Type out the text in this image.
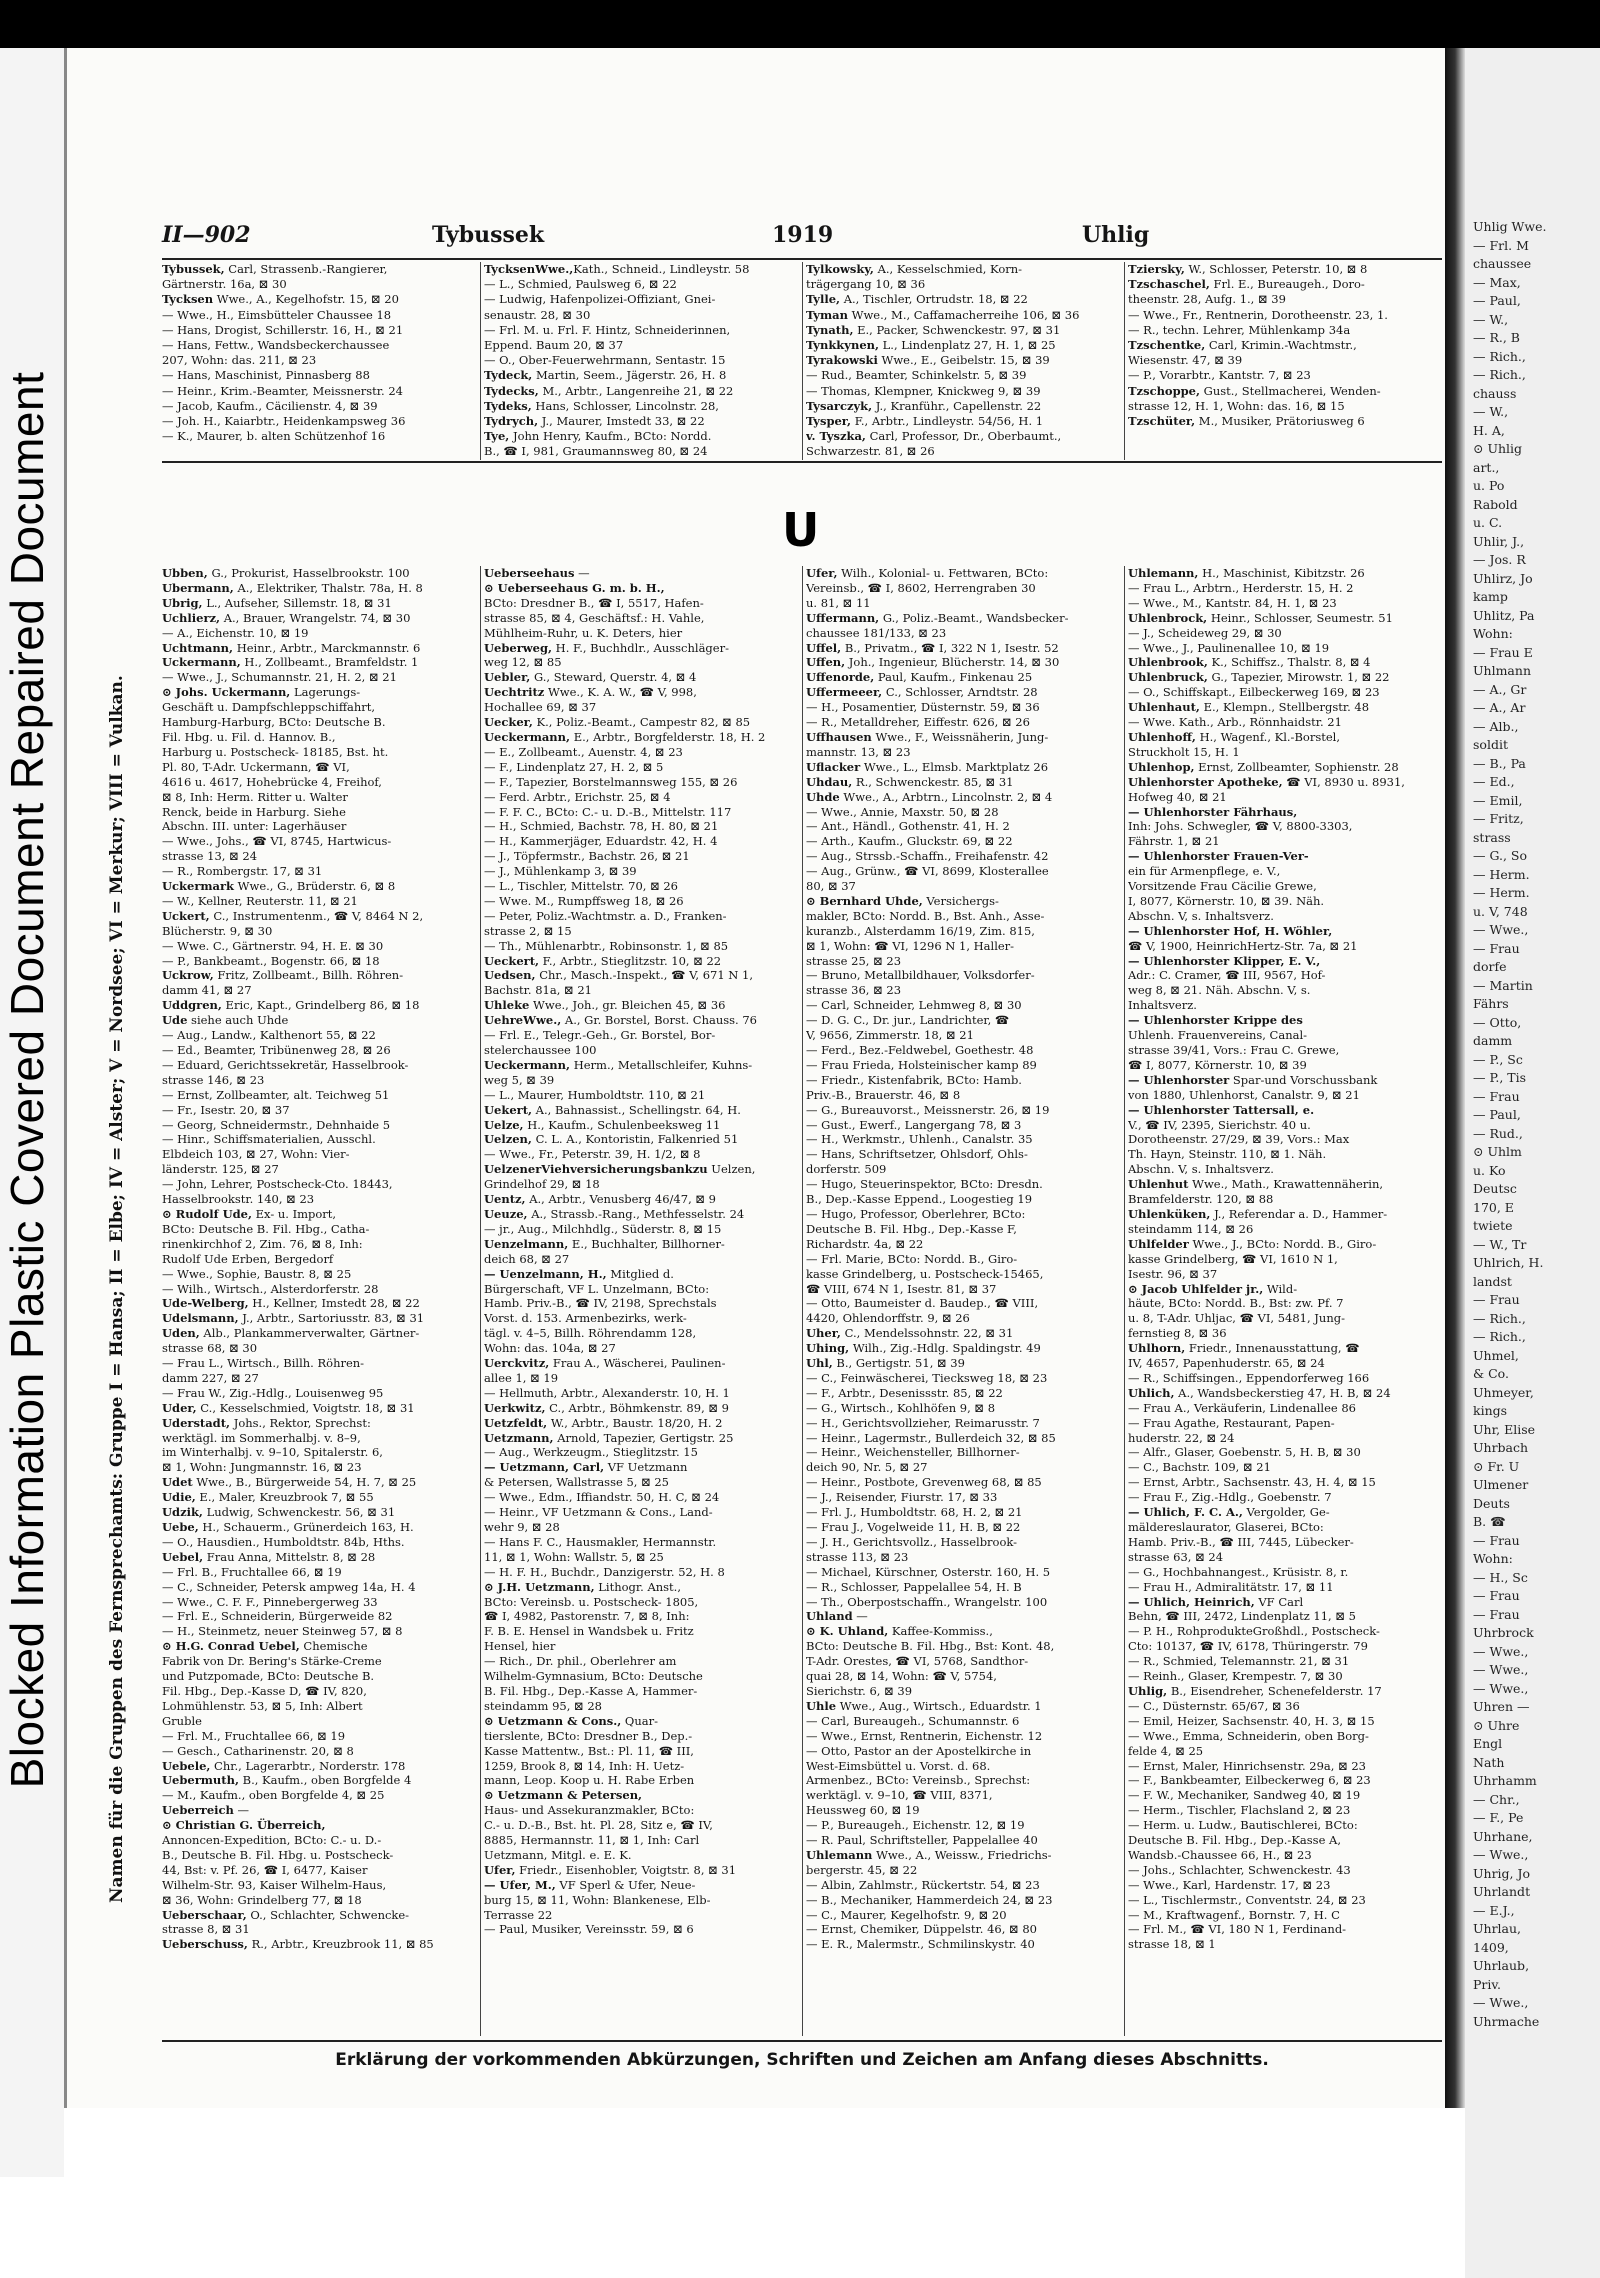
Blocked Information Plastic Covered Document Repaired Document
II—902	Tybussek	1919	Uhlig
Namen für die Gruppen des Fernsprechamts: Gruppe I = Hansa; II = Elbe; IV = Alster; V = Nordsee; VI = Merkur; VIII = Vulkan.
Tybussek, Carl, Strassenb.-Rangierer,
Gärtnerstr. 16a, ⊠ 30
Tycksen Wwe., A., Kegelhofstr. 15, ⊠ 20
— Wwe., H., Eimsbütteler Chaussee 18
— Hans, Drogist, Schillerstr. 16, H., ⊠ 21
— Hans, Fettw., Wandsbeckerchaussee
207, Wohn: das. 211, ⊠ 23
— Hans, Maschinist, Pinnasberg 88
— Heinr., Krim.-Beamter, Meissnerstr. 24
— Jacob, Kaufm., Cäcilienstr. 4, ⊠ 39
— Joh. H., Kaiarbtr., Heidenkampsweg 36
— K., Maurer, b. alten Schützenhof 16
TycksenWwe.,Kath., Schneid., Lindleystr. 58
— L., Schmied, Paulsweg 6, ⊠ 22
— Ludwig, Hafenpolizei-Offiziant, Gnei-
senaustr. 28, ⊠ 30
— Frl. M. u. Frl. F. Hintz, Schneiderinnen,
Eppend. Baum 20, ⊠ 37
— O., Ober-Feuerwehrmann, Sentastr. 15
Tydeck, Martin, Seem., Jägerstr. 26, H. 8
Tydecks, M., Arbtr., Langenreihe 21, ⊠ 22
Tydeks, Hans, Schlosser, Lincolnstr. 28,
Tydrych, J., Maurer, Imstedt 33, ⊠ 22
Tye, John Henry, Kaufm., BCto: Nordd.
B., ☎ I, 981, Graumannsweg 80, ⊠ 24
Tylkowsky, A., Kesselschmied, Korn-
trägergang 10, ⊠ 36
Tylle, A., Tischler, Ortrudstr. 18, ⊠ 22
Tyman Wwe., M., Caffamacherreihe 106, ⊠ 36
Tynath, E., Packer, Schwenckestr. 97, ⊠ 31
Tynkkynen, L., Lindenplatz 27, H. 1, ⊠ 25
Tyrakowski Wwe., E., Geibelstr. 15, ⊠ 39
— Rud., Beamter, Schinkelstr. 5, ⊠ 39
— Thomas, Klempner, Knickweg 9, ⊠ 39
Tysarczyk, J., Kranführ., Capellenstr. 22
Tysper, F., Arbtr., Lindleystr. 54/56, H. 1
v. Tyszka, Carl, Professor, Dr., Oberbaumt.,
Schwarzestr. 81, ⊠ 26
Tziersky, W., Schlosser, Peterstr. 10, ⊠ 8
Tzschaschel, Frl. E., Bureaugeh., Doro-
theenstr. 28, Aufg. 1., ⊠ 39
— Wwe., Fr., Rentnerin, Dorotheenstr. 23, 1.
— R., techn. Lehrer, Mühlenkamp 34a
Tzschentke, Carl, Krimin.-Wachtmstr.,
Wiesenstr. 47, ⊠ 39
— P., Vorarbtr., Kantstr. 7, ⊠ 23
Tzschoppe, Gust., Stellmacherei, Wenden-
strasse 12, H. 1, Wohn: das. 16, ⊠ 15
Tzschüter, M., Musiker, Prätoriusweg 6
U
Ubben, G., Prokurist, Hasselbrookstr. 100
Ubermann, A., Elektriker, Thalstr. 78a, H. 8
Ubrig, L., Aufseher, Sillemstr. 18, ⊠ 31
Uchlierz, A., Brauer, Wrangelstr. 74, ⊠ 30
— A., Eichenstr. 10, ⊠ 19
Uchtmann, Heinr., Arbtr., Marckmannstr. 6
Uckermann, H., Zollbeamt., Bramfeldstr. 1
— Wwe., J., Schumannstr. 21, H. 2, ⊠ 21
⊙ Johs. Uckermann, Lagerungs-
Geschäft u. Dampfschleppschiffahrt,
Hamburg-Harburg, BCto: Deutsche B.
Fil. Hbg. u. Fil. d. Hannov. B.,
Harburg u. Postscheck- 18185, Bst. ht.
Pl. 80, T-Adr. Uckermann, ☎ VI,
4616 u. 4617, Hohebrücke 4, Freihof,
⊠ 8, Inh: Herm. Ritter u. Walter
Renck, beide in Harburg. Siehe
Abschn. III. unter: Lagerhäuser
— Wwe., Johs., ☎ VI, 8745, Hartwicus-
strasse 13, ⊠ 24
— R., Rombergstr. 17, ⊠ 31
Uckermark Wwe., G., Brüderstr. 6, ⊠ 8
— W., Kellner, Reuterstr. 11, ⊠ 21
Uckert, C., Instrumentenm., ☎ V, 8464 N 2,
Blücherstr. 9, ⊠ 30
— Wwe. C., Gärtnerstr. 94, H. E. ⊠ 30
— P., Bankbeamt., Bogenstr. 66, ⊠ 18
Uckrow, Fritz, Zollbeamt., Billh. Röhren-
damm 41, ⊠ 27
Uddgren, Eric, Kapt., Grindelberg 86, ⊠ 18
Ude siehe auch Uhde
— Aug., Landw., Kalthenort 55, ⊠ 22
— Ed., Beamter, Tribünenweg 28, ⊠ 26
— Eduard, Gerichtssekretär, Hasselbrook-
strasse 146, ⊠ 23
— Ernst, Zollbeamter, alt. Teichweg 51
— Fr., Isestr. 20, ⊠ 37
— Georg, Schneidermstr., Dehnhaide 5
— Hinr., Schiffsmaterialien, Ausschl.
Elbdeich 103, ⊠ 27, Wohn: Vier-
länderstr. 125, ⊠ 27
— John, Lehrer, Postscheck-Cto. 18443,
Hasselbrookstr. 140, ⊠ 23
⊙ Rudolf Ude, Ex- u. Import,
BCto: Deutsche B. Fil. Hbg., Catha-
rinenkirchhof 2, Zim. 76, ⊠ 8, Inh:
Rudolf Ude Erben, Bergedorf
— Wwe., Sophie, Baustr. 8, ⊠ 25
— Wilh., Wirtsch., Alsterdorferstr. 28
Ude-Welberg, H., Kellner, Imstedt 28, ⊠ 22
Udelsmann, J., Arbtr., Sartoriusstr. 83, ⊠ 31
Uden, Alb., Plankammerverwalter, Gärtner-
strasse 68, ⊠ 30
— Frau L., Wirtsch., Billh. Röhren-
damm 227, ⊠ 27
— Frau W., Zig.-Hdlg., Louisenweg 95
Uder, C., Kesselschmied, Voigtstr. 18, ⊠ 31
Uderstadt, Johs., Rektor, Sprechst:
werktägl. im Sommerhalbj. v. 8–9,
im Winterhalbj. v. 9–10, Spitalerstr. 6,
⊠ 1, Wohn: Jungmannstr. 16, ⊠ 23
Udet Wwe., B., Bürgerweide 54, H. 7, ⊠ 25
Udie, E., Maler, Kreuzbrook 7, ⊠ 55
Udzik, Ludwig, Schwenckestr. 56, ⊠ 31
Uebe, H., Schauerm., Grünerdeich 163, H.
— O., Hausdien., Humboldtstr. 84b, Hths.
Uebel, Frau Anna, Mittelstr. 8, ⊠ 28
— Frl. B., Fruchtallee 66, ⊠ 19
— C., Schneider, Petersk ampweg 14a, H. 4
— Wwe., C. F. F., Pinnebergerweg 33
— Frl. E., Schneiderin, Bürgerweide 82
— H., Steinmetz, neuer Steinweg 57, ⊠ 8
⊙ H.G. Conrad Uebel, Chemische
Fabrik von Dr. Bering's Stärke-Creme
und Putzpomade, BCto: Deutsche B.
Fil. Hbg., Dep.-Kasse D, ☎ IV, 820,
Lohmühlenstr. 53, ⊠ 5, Inh: Albert
Gruble
— Frl. M., Fruchtallee 66, ⊠ 19
— Gesch., Catharinenstr. 20, ⊠ 8
Uebele, Chr., Lagerarbtr., Norderstr. 178
Uebermuth, B., Kaufm., oben Borgfelde 4
— M., Kaufm., oben Borgfelde 4, ⊠ 25
Ueberreich —
⊙ Christian G. Überreich,
Annoncen-Expedition, BCto: C.- u. D.-
B., Deutsche B. Fil. Hbg. u. Postscheck-
44, Bst: v. Pf. 26, ☎ I, 6477, Kaiser
Wilhelm-Str. 93, Kaiser Wilhelm-Haus,
⊠ 36, Wohn: Grindelberg 77, ⊠ 18
Ueberschaar, O., Schlachter, Schwencke-
strasse 8, ⊠ 31
Ueberschuss, R., Arbtr., Kreuzbrook 11, ⊠ 85
Ueberseehaus —
⊙ Ueberseehaus G. m. b. H.,
BCto: Dresdner B., ☎ I, 5517, Hafen-
strasse 85, ⊠ 4, Geschäftsf.: H. Vahle,
Mühlheim-Ruhr, u. K. Deters, hier
Ueberweg, H. F., Buchhdlr., Ausschläger-
weg 12, ⊠ 85
Uebler, G., Steward, Querstr. 4, ⊠ 4
Uechtritz Wwe., K. A. W., ☎ V, 998,
Hochallee 69, ⊠ 37
Uecker, K., Poliz.-Beamt., Campestr 82, ⊠ 85
Ueckermann, E., Arbtr., Borgfelderstr. 18, H. 2
— E., Zollbeamt., Auenstr. 4, ⊠ 23
— F., Lindenplatz 27, H. 2, ⊠ 5
— F., Tapezier, Borstelmannsweg 155, ⊠ 26
— Ferd. Arbtr., Erichstr. 25, ⊠ 4
— F. F. C., BCto: C.- u. D.-B., Mittelstr. 117
— H., Schmied, Bachstr. 78, H. 80, ⊠ 21
— H., Kammerjäger, Eduardstr. 42, H. 4
— J., Töpfermstr., Bachstr. 26, ⊠ 21
— J., Mühlenkamp 3, ⊠ 39
— L., Tischler, Mittelstr. 70, ⊠ 26
— Wwe. M., Rumpffsweg 18, ⊠ 26
— Peter, Poliz.-Wachtmstr. a. D., Franken-
strasse 2, ⊠ 15
— Th., Mühlenarbtr., Robinsonstr. 1, ⊠ 85
Ueckert, F., Arbtr., Stieglitzstr. 10, ⊠ 22
Uedsen, Chr., Masch.-Inspekt., ☎ V, 671 N 1,
Bachstr. 81a, ⊠ 21
Uhleke Wwe., Joh., gr. Bleichen 45, ⊠ 36
UehreWwe., A., Gr. Borstel, Borst. Chauss. 76
— Frl. E., Telegr.-Geh., Gr. Borstel, Bor-
stelerchaussee 100
Ueckermann, Herm., Metallschleifer, Kuhns-
weg 5, ⊠ 39
— L., Maurer, Humboldtstr. 110, ⊠ 21
Uekert, A., Bahnassist., Schellingstr. 64, H.
Uelze, H., Kaufm., Schulenbeeksweg 11
Uelzen, C. L. A., Kontoristin, Falkenried 51
— Wwe., Fr., Peterstr. 39, H. 1/2, ⊠ 8
UelzenerViehversicherungsbankzu Uelzen,
Grindelhof 29, ⊠ 18
Uentz, A., Arbtr., Venusberg 46/47, ⊠ 9
Ueuze, A., Strassb.-Rang., Methfesselstr. 24
— jr., Aug., Milchhdlg., Süderstr. 8, ⊠ 15
Uenzelmann, E., Buchhalter, Billhorner-
deich 68, ⊠ 27
— Uenzelmann, H., Mitglied d.
Bürgerschaft, VF L. Unzelmann, BCto:
Hamb. Priv.-B., ☎ IV, 2198, Sprechstals
Vorst. d. 153. Armenbezirks, werk-
tägl. v. 4–5, Billh. Röhrendamm 128,
Wohn: das. 104a, ⊠ 27
Uerckvitz, Frau A., Wäscherei, Paulinen-
allee 1, ⊠ 19
— Hellmuth, Arbtr., Alexanderstr. 10, H. 1
Uerkwitz, C., Arbtr., Böhmkenstr. 89, ⊠ 9
Uetzfeldt, W., Arbtr., Baustr. 18/20, H. 2
Uetzmann, Arnold, Tapezier, Gertigstr. 25
— Aug., Werkzeugm., Stieglitzstr. 15
— Uetzmann, Carl, VF Uetzmann
& Petersen, Wallstrasse 5, ⊠ 25
— Wwe., Edm., Iffiandstr. 50, H. C, ⊠ 24
— Heinr., VF Uetzmann & Cons., Land-
wehr 9, ⊠ 28
— Hans F. C., Hausmakler, Hermannstr.
11, ⊠ 1, Wohn: Wallstr. 5, ⊠ 25
— H. F. H., Buchdr., Danzigerstr. 52, H. 8
⊙ J.H. Uetzmann, Lithogr. Anst.,
BCto: Vereinsb. u. Postscheck- 1805,
☎ I, 4982, Pastorenstr. 7, ⊠ 8, Inh:
F. B. E. Hensel in Wandsbek u. Fritz
Hensel, hier
— Rich., Dr. phil., Oberlehrer am
Wilhelm-Gymnasium, BCto: Deutsche
B. Fil. Hbg., Dep.-Kasse A, Hammer-
steindamm 95, ⊠ 28
⊙ Uetzmann & Cons., Quar-
tierslente, BCto: Dresdner B., Dep.-
Kasse Mattentw., Bst.: Pl. 11, ☎ III,
1259, Brook 8, ⊠ 14, Inh: H. Uetz-
mann, Leop. Koop u. H. Rabe Erben
⊙ Uetzmann & Petersen,
Haus- und Assekuranzmakler, BCto:
C.- u. D.-B., Bst. ht. Pl. 28, Sitz e, ☎ IV,
8885, Hermannstr. 11, ⊠ 1, Inh: Carl
Uetzmann, Mitgl. e. E. K.
Ufer, Friedr., Eisenhobler, Voigtstr. 8, ⊠ 31
— Ufer, M., VF Sperl & Ufer, Neue-
burg 15, ⊠ 11, Wohn: Blankenese, Elb-
Terrasse 22
— Paul, Musiker, Vereinsstr. 59, ⊠ 6
Ufer, Wilh., Kolonial- u. Fettwaren, BCto:
Vereinsb., ☎ I, 8602, Herrengraben 30
u. 81, ⊠ 11
Uffermann, G., Poliz.-Beamt., Wandsbecker-
chaussee 181/133, ⊠ 23
Uffel, B., Privatm., ☎ I, 322 N 1, Isestr. 52
Uffen, Joh., Ingenieur, Blücherstr. 14, ⊠ 30
Uffenorde, Paul, Kaufm., Finkenau 25
Uffermeeer, C., Schlosser, Arndtstr. 28
— H., Posamentier, Düsternstr. 59, ⊠ 36
— R., Metalldreher, Eiffestr. 626, ⊠ 26
Uffhausen Wwe., F., Weissnäherin, Jung-
mannstr. 13, ⊠ 23
Uflacker Wwe., L., Elmsb. Marktplatz 26
Uhdau, R., Schwenckestr. 85, ⊠ 31
Uhde Wwe., A., Arbtrn., Lincolnstr. 2, ⊠ 4
— Wwe., Annie, Maxstr. 50, ⊠ 28
— Ant., Händl., Gothenstr. 41, H. 2
— Arth., Kaufm., Gluckstr. 69, ⊠ 22
— Aug., Strssb.-Schaffn., Freihafenstr. 42
— Aug., Grünw., ☎ VI, 8699, Klosterallee
80, ⊠ 37
⊙ Bernhard Uhde, Versichergs-
makler, BCto: Nordd. B., Bst. Anh., Asse-
kuranzb., Alsterdamm 16/19, Zim. 815,
⊠ 1, Wohn: ☎ VI, 1296 N 1, Haller-
strasse 25, ⊠ 23
— Bruno, Metallbildhauer, Volksdorfer-
strasse 36, ⊠ 23
— Carl, Schneider, Lehmweg 8, ⊠ 30
— D. G. C., Dr. jur., Landrichter, ☎
V, 9656, Zimmerstr. 18, ⊠ 21
— Ferd., Bez.-Feldwebel, Goethestr. 48
— Frau Frieda, Holsteinischer kamp 89
— Friedr., Kistenfabrik, BCto: Hamb.
Priv.-B., Brauerstr. 46, ⊠ 8
— G., Bureauvorst., Meissnerstr. 26, ⊠ 19
— Gust., Ewerf., Langergang 78, ⊠ 3
— H., Werkmstr., Uhlenh., Canalstr. 35
— Hans, Schriftsetzer, Ohlsdorf, Ohls-
dorferstr. 509
— Hugo, Steuerinspektor, BCto: Dresdn.
B., Dep.-Kasse Eppend., Loogestieg 19
— Hugo, Professor, Oberlehrer, BCto:
Deutsche B. Fil. Hbg., Dep.-Kasse F,
Richardstr. 4a, ⊠ 22
— Frl. Marie, BCto: Nordd. B., Giro-
kasse Grindelberg, u. Postscheck-15465,
☎ VIII, 674 N 1, Isestr. 81, ⊠ 37
— Otto, Baumeister d. Baudep., ☎ VIII,
4420, Ohlendorffstr. 9, ⊠ 26
Uher, C., Mendelssohnstr. 22, ⊠ 31
Uhing, Wilh., Zig.-Hdlg. Spaldingstr. 49
Uhl, B., Gertigstr. 51, ⊠ 39
— C., Feinwäscherei, Tiecksweg 18, ⊠ 23
— F., Arbtr., Desenissstr. 85, ⊠ 22
— G., Wirtsch., Kohlhöfen 9, ⊠ 8
— H., Gerichtsvollzieher, Reimarusstr. 7
— Heinr., Lagermstr., Bullerdeich 32, ⊠ 85
— Heinr., Weichensteller, Billhorner-
deich 90, Nr. 5, ⊠ 27
— Heinr., Postbote, Grevenweg 68, ⊠ 85
— J., Reisender, Fiurstr. 17, ⊠ 33
— Frl. J., Humboldtstr. 68, H. 2, ⊠ 21
— Frau J., Vogelweide 11, H. B, ⊠ 22
— J. H., Gerichtsvollz., Hasselbrook-
strasse 113, ⊠ 23
— Michael, Kürschner, Osterstr. 160, H. 5
— R., Schlosser, Pappelallee 54, H. B
— Th., Oberpostschaffn., Wrangelstr. 100
Uhland —
⊙ K. Uhland, Kaffee-Kommiss.,
BCto: Deutsche B. Fil. Hbg., Bst: Kont. 48,
T-Adr. Orestes, ☎ VI, 5768, Sandthor-
quai 28, ⊠ 14, Wohn: ☎ V, 5754,
Sierichstr. 6, ⊠ 39
Uhle Wwe., Aug., Wirtsch., Eduardstr. 1
— Carl, Bureaugeh., Schumannstr. 6
— Wwe., Ernst, Rentnerin, Eichenstr. 12
— Otto, Pastor an der Apostelkirche in
West-Eimsbüttel u. Vorst. d. 68.
Armenbez., BCto: Vereinsb., Sprechst:
werktägl. v. 9–10, ☎ VIII, 8371,
Heussweg 60, ⊠ 19
— P., Bureaugeh., Eichenstr. 12, ⊠ 19
— R. Paul, Schriftsteller, Pappelallee 40
Uhlemann Wwe., A., Weissw., Friedrichs-
bergerstr. 45, ⊠ 22
— Albin, Zahlmstr., Rückertstr. 54, ⊠ 23
— B., Mechaniker, Hammerdeich 24, ⊠ 23
— C., Maurer, Kegelhofstr. 9, ⊠ 20
— Ernst, Chemiker, Düppelstr. 46, ⊠ 80
— E. R., Malermstr., Schmilinskystr. 40
Uhlemann, H., Maschinist, Kibitzstr. 26
— Frau L., Arbtrn., Herderstr. 15, H. 2
— Wwe., M., Kantstr. 84, H. 1, ⊠ 23
Uhlenbrock, Heinr., Schlosser, Seumestr. 51
— J., Scheideweg 29, ⊠ 30
— Wwe., J., Paulinenallee 10, ⊠ 19
Uhlenbrook, K., Schiffsz., Thalstr. 8, ⊠ 4
Uhlenbruck, G., Tapezier, Mirowstr. 1, ⊠ 22
— O., Schiffskapt., Eilbeckerweg 169, ⊠ 23
Uhlenhaut, E., Klempn., Stellbergstr. 48
— Wwe. Kath., Arb., Rönnhaidstr. 21
Uhlenhoff, H., Wagenf., Kl.-Borstel,
Struckholt 15, H. 1
Uhlenhop, Ernst, Zollbeamter, Sophienstr. 28
Uhlenhorster Apotheke, ☎ VI, 8930 u. 8931,
Hofweg 40, ⊠ 21
— Uhlenhorster Fährhaus,
Inh: Johs. Schwegler, ☎ V, 8800-3303,
Fährstr. 1, ⊠ 21
— Uhlenhorster Frauen-Ver-
ein für Armenpflege, e. V.,
Vorsitzende Frau Cäcilie Grewe,
I, 8077, Körnerstr. 10, ⊠ 39. Näh.
Abschn. V, s. Inhaltsverz.
— Uhlenhorster Hof, H. Wöhler,
☎ V, 1900, HeinrichHertz-Str. 7a, ⊠ 21
— Uhlenhorster Klipper, E. V.,
Adr.: C. Cramer, ☎ III, 9567, Hof-
weg 8, ⊠ 21. Näh. Abschn. V, s.
Inhaltsverz.
— Uhlenhorster Krippe des
Uhlenh. Frauenvereins, Canal-
strasse 39/41, Vors.: Frau C. Grewe,
☎ I, 8077, Körnerstr. 10, ⊠ 39
— Uhlenhorster Spar-und Vorschussbank
von 1880, Uhlenhorst, Canalstr. 9, ⊠ 21
— Uhlenhorster Tattersall, e.
V., ☎ IV, 2395, Sierichstr. 40 u.
Dorotheenstr. 27/29, ⊠ 39, Vors.: Max
Th. Hayn, Steinstr. 110, ⊠ 1. Näh.
Abschn. V, s. Inhaltsverz.
Uhlenhut Wwe., Math., Krawattennäherin,
Bramfelderstr. 120, ⊠ 88
Uhlenküken, J., Referendar a. D., Hammer-
steindamm 114, ⊠ 26
Uhlfelder Wwe., J., BCto: Nordd. B., Giro-
kasse Grindelberg, ☎ VI, 1610 N 1,
Isestr. 96, ⊠ 37
⊙ Jacob Uhlfelder jr., Wild-
häute, BCto: Nordd. B., Bst: zw. Pf. 7
u. 8, T-Adr. Uhljac, ☎ VI, 5481, Jung-
fernstieg 8, ⊠ 36
Uhlhorn, Friedr., Innenausstattung, ☎
IV, 4657, Papenhuderstr. 65, ⊠ 24
— R., Schiffsingen., Eppendorferweg 166
Uhlich, A., Wandsbeckerstieg 47, H. B, ⊠ 24
— Frau A., Verkäuferin, Lindenallee 86
— Frau Agathe, Restaurant, Papen-
huderstr. 22, ⊠ 24
— Alfr., Glaser, Goebenstr. 5, H. B, ⊠ 30
— C., Bachstr. 109, ⊠ 21
— Ernst, Arbtr., Sachsenstr. 43, H. 4, ⊠ 15
— Frau F., Zig.-Hdlg., Goebenstr. 7
— Uhlich, F. C. A., Vergolder, Ge-
mäldereslaurator, Glaserei, BCto:
Hamb. Priv.-B., ☎ III, 7445, Lübecker-
strasse 63, ⊠ 24
— G., Hochbahnangest., Krüsistr. 8, r.
— Frau H., Admiralitätstr. 17, ⊠ 11
— Uhlich, Heinrich, VF Carl
Behn, ☎ III, 2472, Lindenplatz 11, ⊠ 5
— P. H., RohprodukteGroßhdl., Postscheck-
Cto: 10137, ☎ IV, 6178, Thüringerstr. 79
— R., Schmied, Telemannstr. 21, ⊠ 31
— Reinh., Glaser, Krempestr. 7, ⊠ 30
Uhlig, B., Eisendreher, Schenefelderstr. 17
— C., Düsternstr. 65/67, ⊠ 36
— Emil, Heizer, Sachsenstr. 40, H. 3, ⊠ 15
— Wwe., Emma, Schneiderin, oben Borg-
felde 4, ⊠ 25
— Ernst, Maler, Hinrichsenstr. 29a, ⊠ 23
— F., Bankbeamter, Eilbeckerweg 6, ⊠ 23
— F. W., Mechaniker, Sandweg 40, ⊠ 19
— Herm., Tischler, Flachsland 2, ⊠ 23
— Herm. u. Ludw., Bautischlerei, BCto:
Deutsche B. Fil. Hbg., Dep.-Kasse A,
Wandsb.-Chaussee 66, H., ⊠ 23
— Johs., Schlachter, Schwenckestr. 43
— Wwe., Karl, Hardenstr. 17, ⊠ 23
— L., Tischlermstr., Conventstr. 24, ⊠ 23
— M., Kraftwagenf., Bornstr. 7, H. C
— Frl. M., ☎ VI, 180 N 1, Ferdinand-
strasse 18, ⊠ 1
Erklärung der vorkommenden Abkürzungen, Schriften und Zeichen am Anfang dieses Abschnitts.
Uhlig Wwe.
— Frl. M
chaussee
— Max,
— Paul,
— W.,
— R., B
— Rich.,
— Rich.,
chauss
— W.,
H. A,
⊙ Uhlig
art.,
u. Po
Rabold
u. C.
Uhlir, J.,
— Jos. R
Uhlirz, Jo
kamp
Uhlitz, Pa
Wohn:
— Frau E
Uhlmann
— A., Gr
— A., Ar
— Alb.,
soldit
— B., Pa
— Ed.,
— Emil,
— Fritz,
strass
— G., So
— Herm.
— Herm.
u. V, 748
— Wwe.,
— Frau
dorfe
— Martin
Fährs
— Otto,
damm
— P., Sc
— P., Tis
— Frau
— Paul,
— Rud.,
⊙ Uhlm
u. Ko
Deutsc
170, E
twiete
— W., Tr
Uhlrich, H.
landst
— Frau
— Rich.,
— Rich.,
Uhmel,
& Co.
Uhmeyer,
kings
Uhr, Elise
Uhrbach
⊙ Fr. U
Ulmener
Deuts
B. ☎
— Frau
Wohn:
— H., Sc
— Frau
— Frau
Uhrbrock
— Wwe.,
— Wwe.,
— Wwe.,
Uhren —
⊙ Uhre
Engl
Nath
Uhrhamm
— Chr.,
— F., Pe
Uhrhane,
— Wwe.,
Uhrig, Jo
Uhrlandt
— E.J.,
Uhrlau,
1409,
Uhrlaub,
Priv.
— Wwe.,
Uhrmache
